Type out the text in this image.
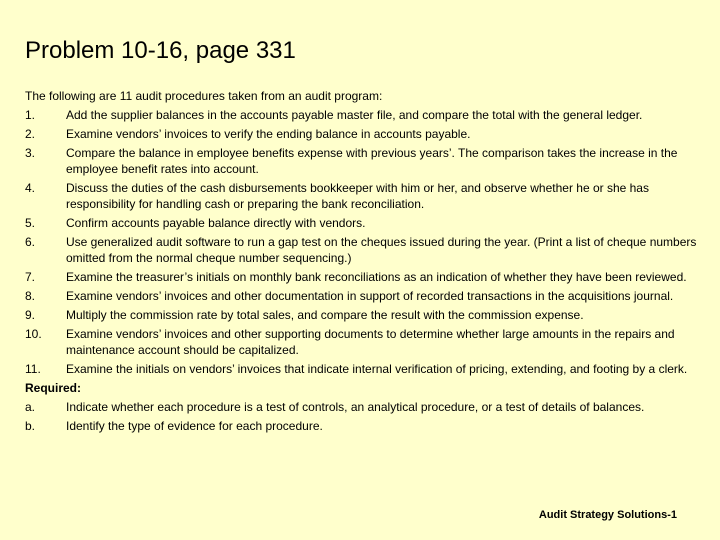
Problem 10-16, page 331
The following are 11 audit procedures taken from an audit program:
1.	Add the supplier balances in the accounts payable master file, and compare the total with the general ledger.
2.	Examine vendors’ invoices to verify the ending balance in accounts payable.
3.	Compare the balance in employee benefits expense with previous years’. The comparison takes the increase in the employee benefit rates into account.
4.	Discuss the duties of the cash disbursements bookkeeper with him or her, and observe whether he or she has responsibility for handling cash or preparing the bank reconciliation.
5.	Confirm accounts payable balance directly with vendors.
6.	Use generalized audit software to run a gap test on the cheques issued during the year. (Print a list of cheque numbers omitted from the normal cheque number sequencing.)
7.	Examine the treasurer’s initials on monthly bank reconciliations as an indication of whether they have been reviewed.
8.	Examine vendors’ invoices and other documentation in support of recorded transactions in the acquisitions journal.
9.	Multiply the commission rate by total sales, and compare the result with the commission expense.
10.	Examine vendors’ invoices and other supporting documents to determine whether large amounts in the repairs and maintenance account should be capitalized.
11.	Examine the initials on vendors’ invoices that indicate internal verification of pricing, extending, and footing by a clerk.
Required:
a.	Indicate whether each procedure is a test of controls, an analytical procedure, or a test of details of balances.
b.	Identify the type of evidence for each procedure.
Audit Strategy Solutions-1
